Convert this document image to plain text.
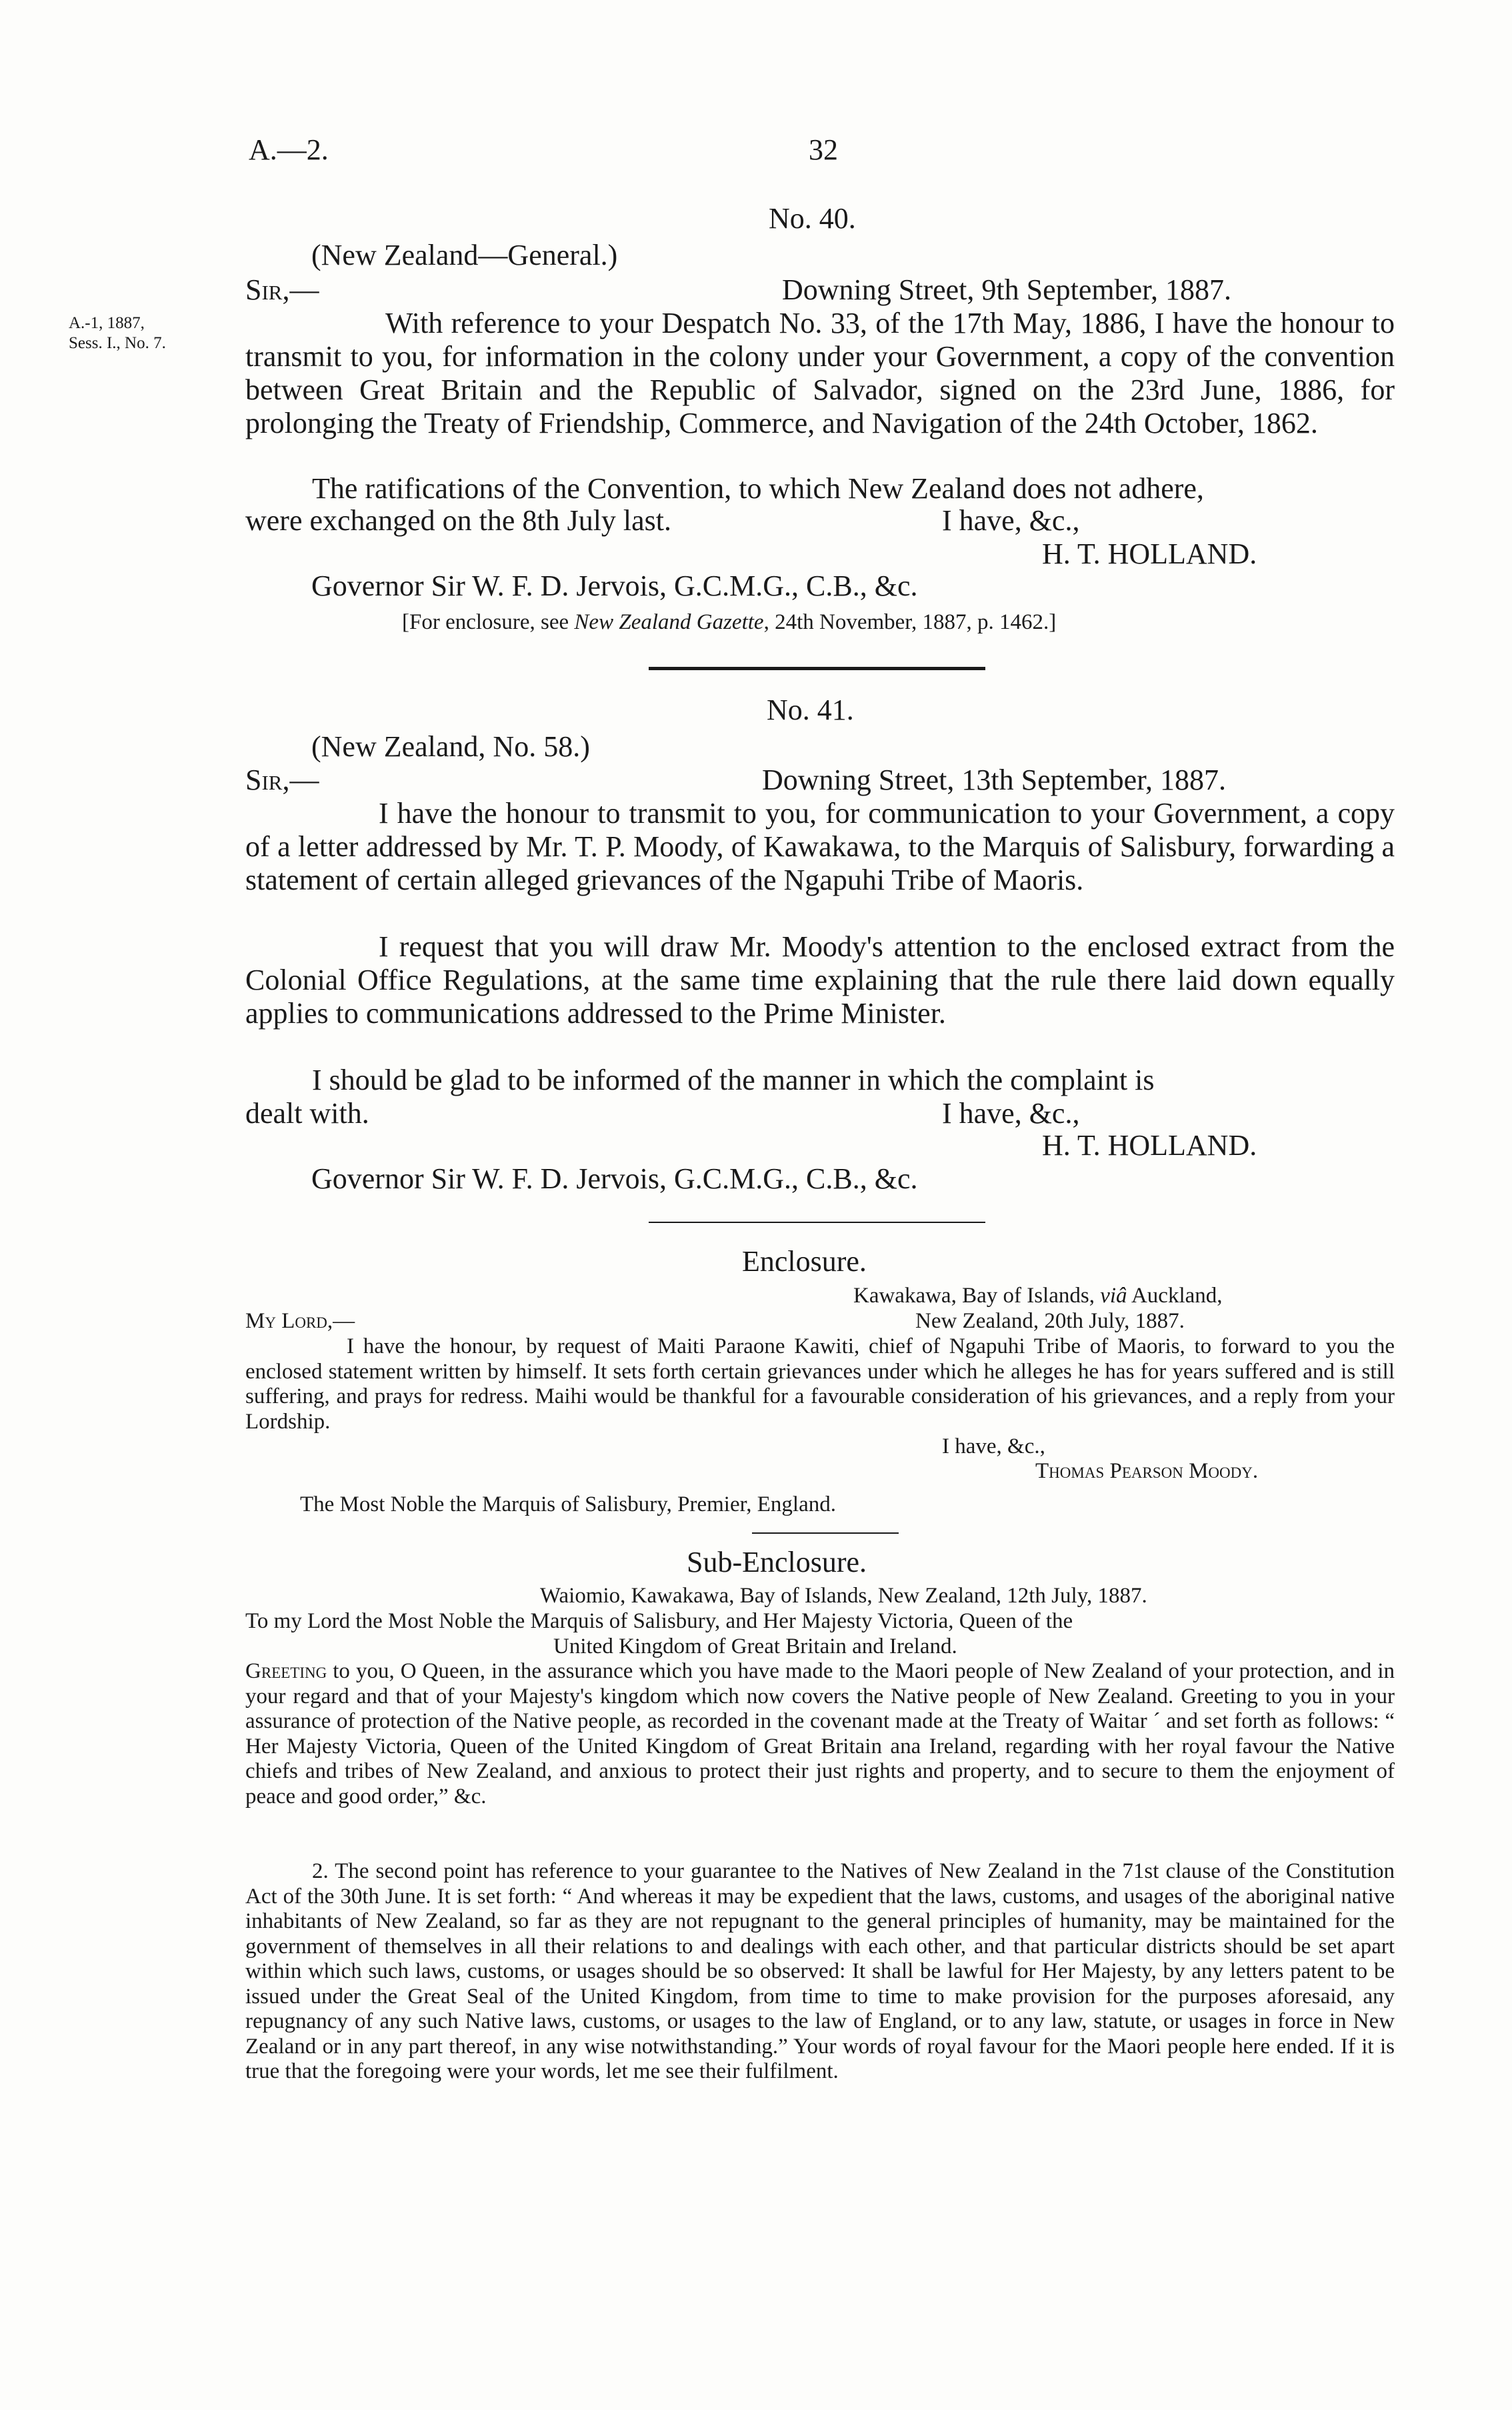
A.—2.	32
A.-1, 1887,
Sess. I., No. 7.
No. 40.
(New Zealand—General.)
Sir,—	Downing Street, 9th September, 1887.

With reference to your Despatch No. 33, of the 17th May, 1886, I have the honour to transmit to you, for information in the colony under your Government, a copy of the convention between Great Britain and the Republic of Salvador, signed on the 23rd June, 1886, for prolonging the Treaty of Friendship, Commerce, and Navigation of the 24th October, 1862.

The ratifications of the Convention, to which New Zealand does not adhere,

were exchanged on the 8th July last.	I have, &c.,
H. T. HOLLAND.
Governor Sir W. F. D. Jervois, G.C.M.G., C.B., &c.
[For enclosure, see New Zealand Gazette, 24th November, 1887, p. 1462.]
No. 41.
(New Zealand, No. 58.)
Sir,—	Downing Street, 13th September, 1887.

I have the honour to transmit to you, for communication to your Government, a copy of a letter addressed by Mr. T. P. Moody, of Kawakawa, to the Marquis of Salisbury, forwarding a statement of certain alleged grievances of the Ngapuhi Tribe of Maoris.

I request that you will draw Mr. Moody's attention to the enclosed extract from the Colonial Office Regulations, at the same time explaining that the rule there laid down equally applies to communications addressed to the Prime Minister.

I should be glad to be informed of the manner in which the complaint is

dealt with.	I have, &c.,
H. T. HOLLAND.
Governor Sir W. F. D. Jervois, G.C.M.G., C.B., &c.
Enclosure.
Kawakawa, Bay of Islands, viâ Auckland,
New Zealand, 20th July, 1887.
My Lord,—

I have the honour, by request of Maiti Paraone Kawiti, chief of Ngapuhi Tribe of Maoris, to forward to you the enclosed statement written by himself. It sets forth certain grievances under which he alleges he has for years suffered and is still suffering, and prays for redress. Maihi would be thankful for a favourable consideration of his grievances, and a reply from your Lordship.

I have, &c.,
Thomas Pearson Moody.
The Most Noble the Marquis of Salisbury, Premier, England.
Sub-Enclosure.
Waiomio, Kawakawa, Bay of Islands, New Zealand, 12th July, 1887.
To my Lord the Most Noble the Marquis of Salisbury, and Her Majesty Victoria, Queen of the
United Kingdom of Great Britain and Ireland.

Greeting to you, O Queen, in the assurance which you have made to the Maori people of New Zealand of your protection, and in your regard and that of your Majesty's kingdom which now covers the Native people of New Zealand. Greeting to you in your assurance of protection of the Native people, as recorded in the covenant made at the Treaty of Waitar ´ and set forth as follows: “ Her Majesty Victoria, Queen of the United Kingdom of Great Britain ana Ireland, regarding with her royal favour the Native chiefs and tribes of New Zealand, and anxious to protect their just rights and property, and to secure to them the enjoyment of peace and good order,” &c.

2. The second point has reference to your guarantee to the Natives of New Zealand in the 71st clause of the Constitution Act of the 30th June. It is set forth: “ And whereas it may be expedient that the laws, customs, and usages of the aboriginal native inhabitants of New Zealand, so far as they are not repugnant to the general principles of humanity, may be maintained for the government of themselves in all their relations to and dealings with each other, and that particular districts should be set apart within which such laws, customs, or usages should be so observed: It shall be lawful for Her Majesty, by any letters patent to be issued under the Great Seal of the United Kingdom, from time to time to make provision for the purposes aforesaid, any repugnancy of any such Native laws, customs, or usages to the law of England, or to any law, statute, or usages in force in New Zealand or in any part thereof, in any wise notwithstanding.” Your words of royal favour for the Maori people here ended. If it is true that the foregoing were your words, let me see their fulfilment.
